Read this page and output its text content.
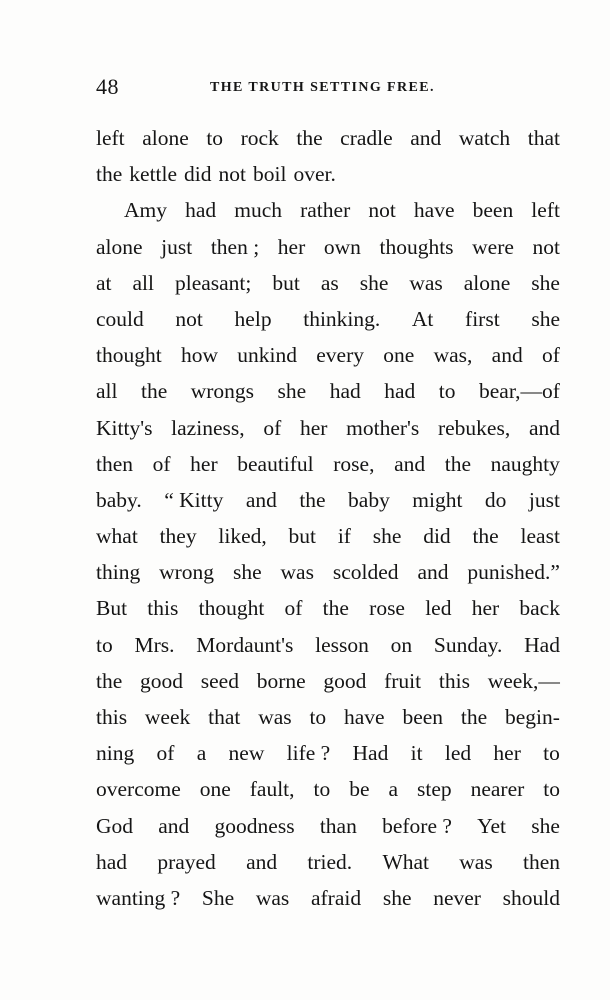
48	THE TRUTH SETTING FREE.
left alone to rock the cradle and watch that
the kettle did not boil over.
Amy had much rather not have been left
alone just then ; her own thoughts were not
at all pleasant; but as she was alone she
could not help thinking. At first she
thought how unkind every one was, and of
all the wrongs she had had to bear,—of
Kitty's laziness, of her mother's rebukes, and
then of her beautiful rose, and the naughty
baby. “ Kitty and the baby might do just
what they liked, but if she did the least
thing wrong she was scolded and punished.”
But this thought of the rose led her back
to Mrs. Mordaunt's lesson on Sunday. Had
the good seed borne good fruit this week,—
this week that was to have been the begin-
ning of a new life ? Had it led her to
overcome one fault, to be a step nearer to
God and goodness than before ? Yet she
had prayed and tried. What was then
wanting ? She was afraid she never should
